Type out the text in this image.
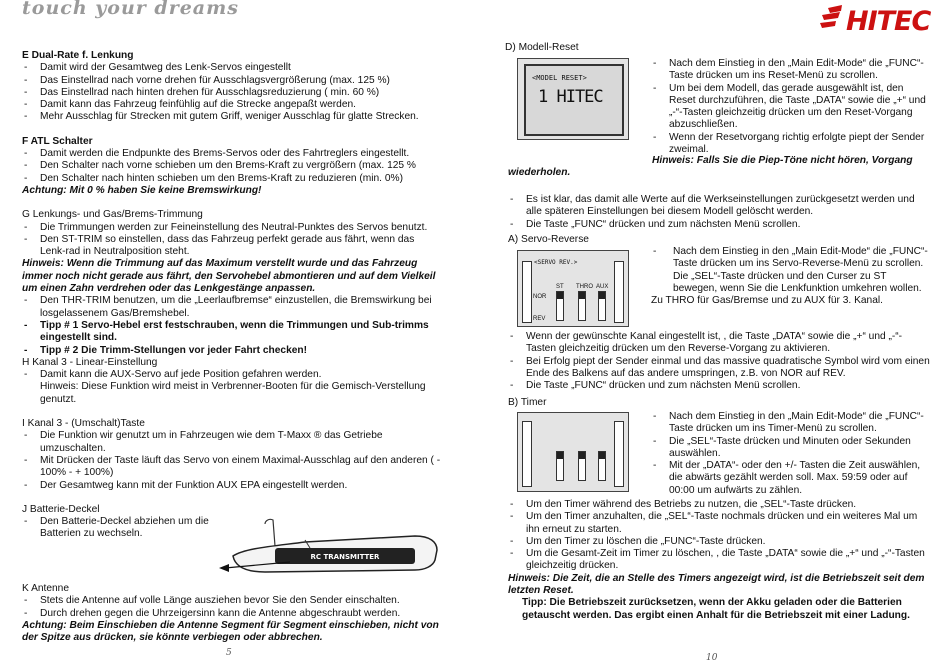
touch your dreams	HITEC

E Dual-Rate f. Lenkung

- Damit wird der Gesamtweg des Lenk-Servos eingestellt

- Das Einstellrad nach vorne drehen für Ausschlagsvergrößerung (max. 125 %)

- Das Einstellrad nach hinten drehen für Ausschlagsreduzierung ( min. 60 %)

- Damit kann das Fahrzeug feinfühlig auf die Strecke angepaßt werden.

- Mehr Ausschlag für Strecken mit gutem Griff, weniger Ausschlag für glatte Strecken.

F ATL Schalter

- Damit werden die Endpunkte des Brems-Servos oder des Fahrtreglers eingestellt.

- Den Schalter nach vorne schieben um den Brems-Kraft zu vergrößern (max. 125 %

- Den Schalter nach hinten schieben um den Brems-Kraft zu reduzieren (min. 0%)

Achtung: Mit 0 % haben Sie keine Bremswirkung!

G Lenkungs- und Gas/Brems-Trimmung

- Die Trimmungen werden zur Feineinstellung des Neutral-Punktes des Servos benutzt.

- Den ST-TRIM so einstellen, dass das Fahrzeug perfekt gerade aus fährt, wenn das Lenk-rad in Neutralposition steht.

Hinweis: Wenn die Trimmung auf das Maximum verstellt wurde und das Fahrzeug immer noch nicht gerade aus fährt, den Servohebel abmontieren und auf dem Vielkeil um einen Zahn verdrehen oder das Lenkgestänge anpassen.

- Den THR-TRIM benutzen, um die „Leerlaufbremse“ einzustellen, die Bremswirkung bei losgelassenem Gas/Bremshebel.

- Tipp # 1 Servo-Hebel erst festschrauben, wenn die Trimmungen und Sub-trimms eingestellt sind.

- Tipp # 2 Die Trimm-Stellungen vor jeder Fahrt checken!

H Kanal 3 - Linear-Einstellung

- Damit kann die AUX-Servo auf jede Position gefahren werden.

Hinweis: Diese Funktion wird meist in Verbrenner-Booten für die Gemisch-Verstellung genutzt.

I Kanal 3 - (Umschalt)Taste

- Die Funktion wir genutzt um in Fahrzeugen wie dem T-Maxx ® das Getriebe umzuschalten.

- Mit Drücken der Taste läuft das Servo von einem Maximal-Ausschlag auf den anderen ( - 100% - + 100%)

- Der Gesamtweg kann mit der Funktion AUX EPA eingestellt werden.

J Batterie-Deckel

- Den Batterie-Deckel abziehen um die Batterien zu wechseln.

RC TRANSMITTER

K Antenne

- Stets die Antenne auf volle Länge ausziehen bevor Sie den Sender einschalten.

- Durch drehen gegen die Uhrzeigersinn kann die Antenne abgeschraubt werden.

Achtung: Beim Einschieben die Antenne Segment für Segment einschieben, nicht von der Spitze aus drücken, sie könnte verbiegen oder abbrechen.

5

D) Modell-Reset

<MODEL RESET>
1 HITEC

- Nach dem Einstieg in den „Main Edit-Mode“ die „FUNC“-Taste drücken um ins Reset-Menü zu scrollen.

- Um bei dem Modell, das gerade ausgewählt ist, den Reset durchzuführen, die Taste „DATA“ sowie die „+“ und „-“-Tasten gleichzeitig drücken um den Reset-Vorgang abzuschließen.

- Wenn der Resetvorgang richtig erfolgte piept der Sender zweimal.

Hinweis: Falls Sie die Piep-Töne nicht hören, Vorgang wiederholen.

- Es ist klar, das damit alle Werte auf die Werkseinstellungen zurückgesetzt werden und alle späteren Einstellungen bei diesem Modell gelöscht werden.

- Die Taste „FUNC“ drücken und zum nächsten Menü scrollen.

A) Servo-Reverse

<SERVO REV.>
NOR
REV
ST THRO AUX

- Nach dem Einstieg in den „Main Edit-Mode“ die „FUNC“-Taste drücken um ins Servo-Reverse-Menü zu scrollen.

Die „SEL“-Taste drücken und den Curser zu ST bewegen, wenn Sie die Lenkfunktion umkehren wollen.

Zu THRO für Gas/Bremse und zu AUX für 3. Kanal.

- Wenn der gewünschte Kanal eingestellt ist, , die Taste „DATA“ sowie die „+“ und „-“-Tasten gleichzeitig drücken um den Reverse-Vorgang zu aktivieren.

- Bei Erfolg piept der Sender einmal und das massive quadratische Symbol wird vom einen Ende des Balkens auf das andere umspringen, z.B. von NOR auf REV.

- Die Taste „FUNC“ drücken und zum nächsten Menü scrollen.

B) Timer

- Nach dem Einstieg in den „Main Edit-Mode“ die „FUNC“-Taste drücken um ins Timer-Menü zu scrollen.

- Die „SEL“-Taste drücken und Minuten oder Sekunden auswählen.

- Mit der „DATA“- oder den +/- Tasten die Zeit auswählen, die abwärts gezählt werden soll. Max. 59:59 oder auf 00:00 um aufwärts zu zählen.

- Um den Timer während des Betriebs zu nutzen, die „SEL“-Taste drücken.

- Um den Timer anzuhalten, die „SEL“-Taste nochmals drücken und ein weiteres Mal um ihn erneut zu starten.

- Um den Timer zu löschen die „FUNC“-Taste drücken.

- Um die Gesamt-Zeit im Timer zu löschen, , die Taste „DATA“ sowie die „+“ und „-“-Tasten gleichzeitig drücken.

Hinweis: Die Zeit, die an Stelle des Timers angezeigt wird, ist die Betriebszeit seit dem letzten Reset.

Tipp: Die Betriebszeit zurücksetzen, wenn der Akku geladen oder die Batterien getauscht werden. Das ergibt einen Anhalt für die Betriebszeit mit einer Ladung.

10
